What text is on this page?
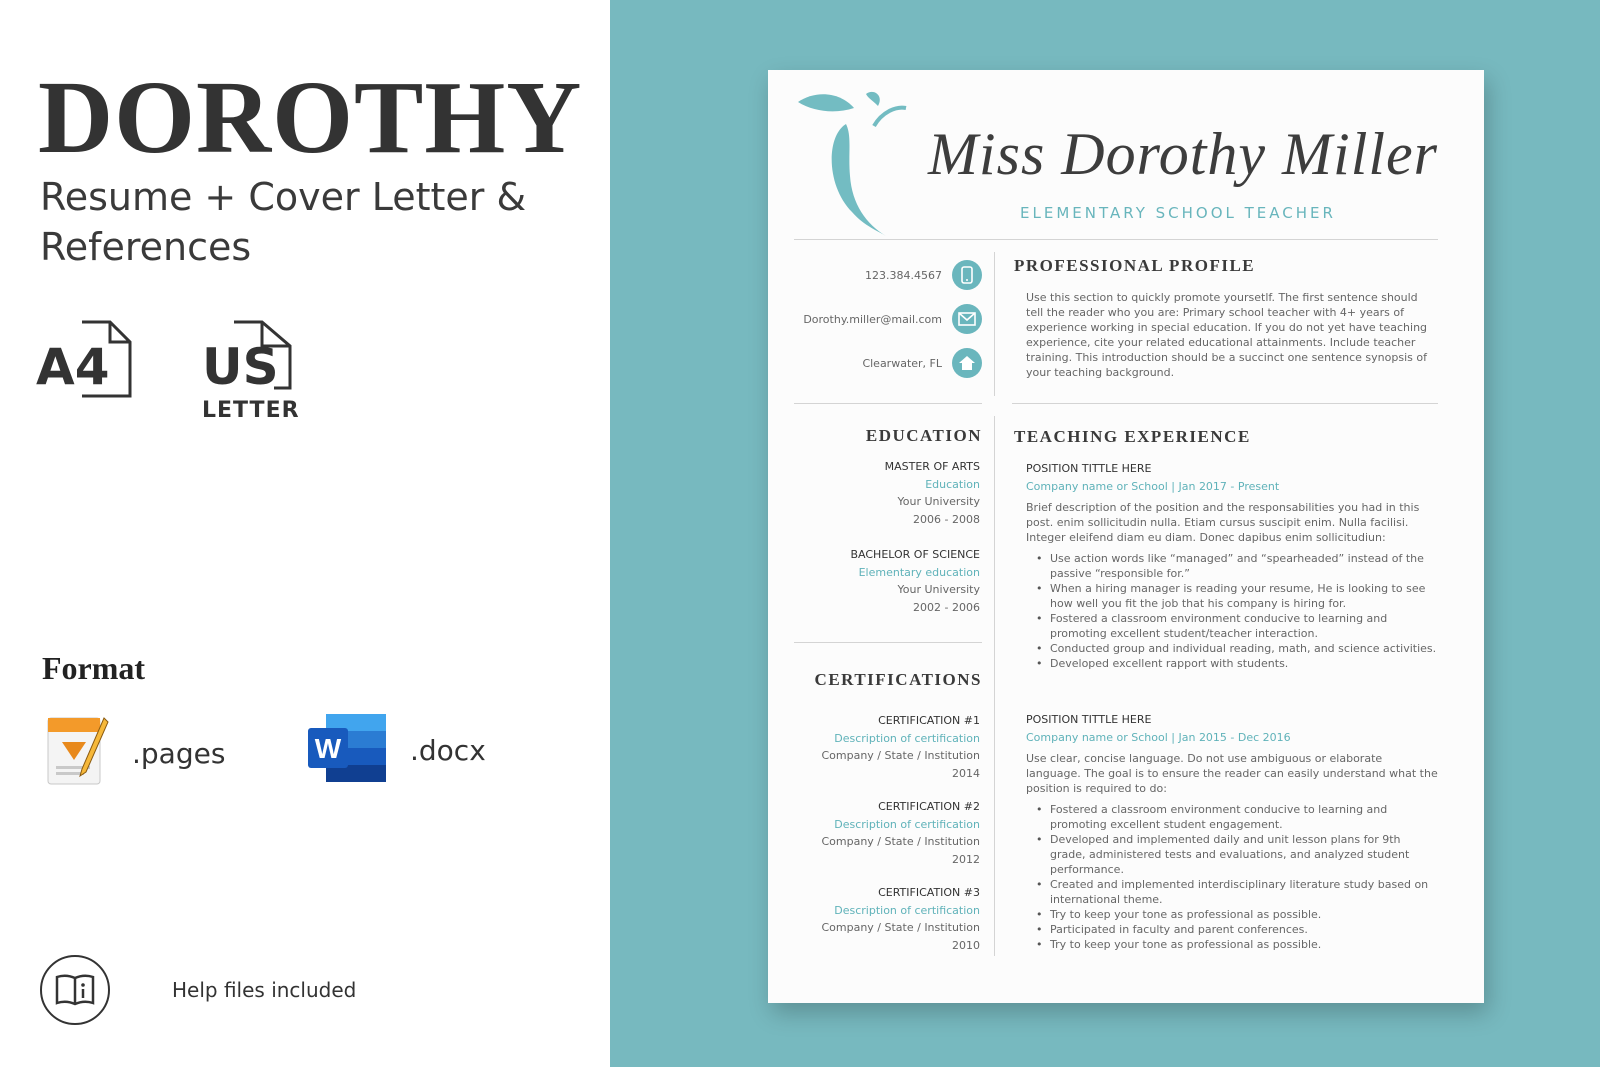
DOROTHY
Resume + Cover Letter & References
A4 US
LETTER
Format
.pages	W .docx
Help files included
Miss Dorothy Miller
ELEMENTARY SCHOOL TEACHER
123.384.4567
Dorothy.miller@mail.com
Clearwater, FL
PROFESSIONAL PROFILE
Use this section to quickly promote yoursetlf. The first sentence should tell the reader who you are: Primary school teacher with 4+ years of experience working in special education. If you do not yet have teaching experience, cite your related educational attainments. Include teacher training. This introduction should be a succinct one sentence synopsis of your teaching background.
EDUCATION
MASTER OF ARTS
Education
Your University
2006 - 2008
BACHELOR OF SCIENCE
Elementary education
Your University
2002 - 2006
CERTIFICATIONS
CERTIFICATION #1
Description of certification
Company / State / Institution
2014
CERTIFICATION #2
Description of certification
Company / State / Institution
2012
CERTIFICATION #3
Description of certification
Company / State / Institution
2010
TEACHING EXPERIENCE
POSITION TITTLE HERE
Company name or School | Jan 2017 - Present
Brief description of the position and the responsabilities you had in this post. enim sollicitudin nulla. Etiam cursus suscipit enim. Nulla facilisi. Integer eleifend diam eu diam. Donec dapibus enim sollicitudiun:
• Use action words like “managed” and “spearheaded” instead of the passive “responsible for.”
• When a hiring manager is reading your resume, He is looking to see how well you fit the job that his company is hiring for.
• Fostered a classroom environment conducive to learning and promoting excellent student/teacher interaction.
• Conducted group and individual reading, math, and science activities.
• Developed excellent rapport with students.
POSITION TITTLE HERE
Company name or School | Jan 2015 - Dec 2016
Use clear, concise language. Do not use ambiguous or elaborate language. The goal is to ensure the reader can easily understand what the position is required to do:
• Fostered a classroom environment conducive to learning and promoting excellent student engagement.
• Developed and implemented daily and unit lesson plans for 9th grade, administered tests and evaluations, and analyzed student performance.
• Created and implemented interdisciplinary literature study based on international theme.
• Try to keep your tone as professional as possible.
• Participated in faculty and parent conferences.
• Try to keep your tone as professional as possible.
